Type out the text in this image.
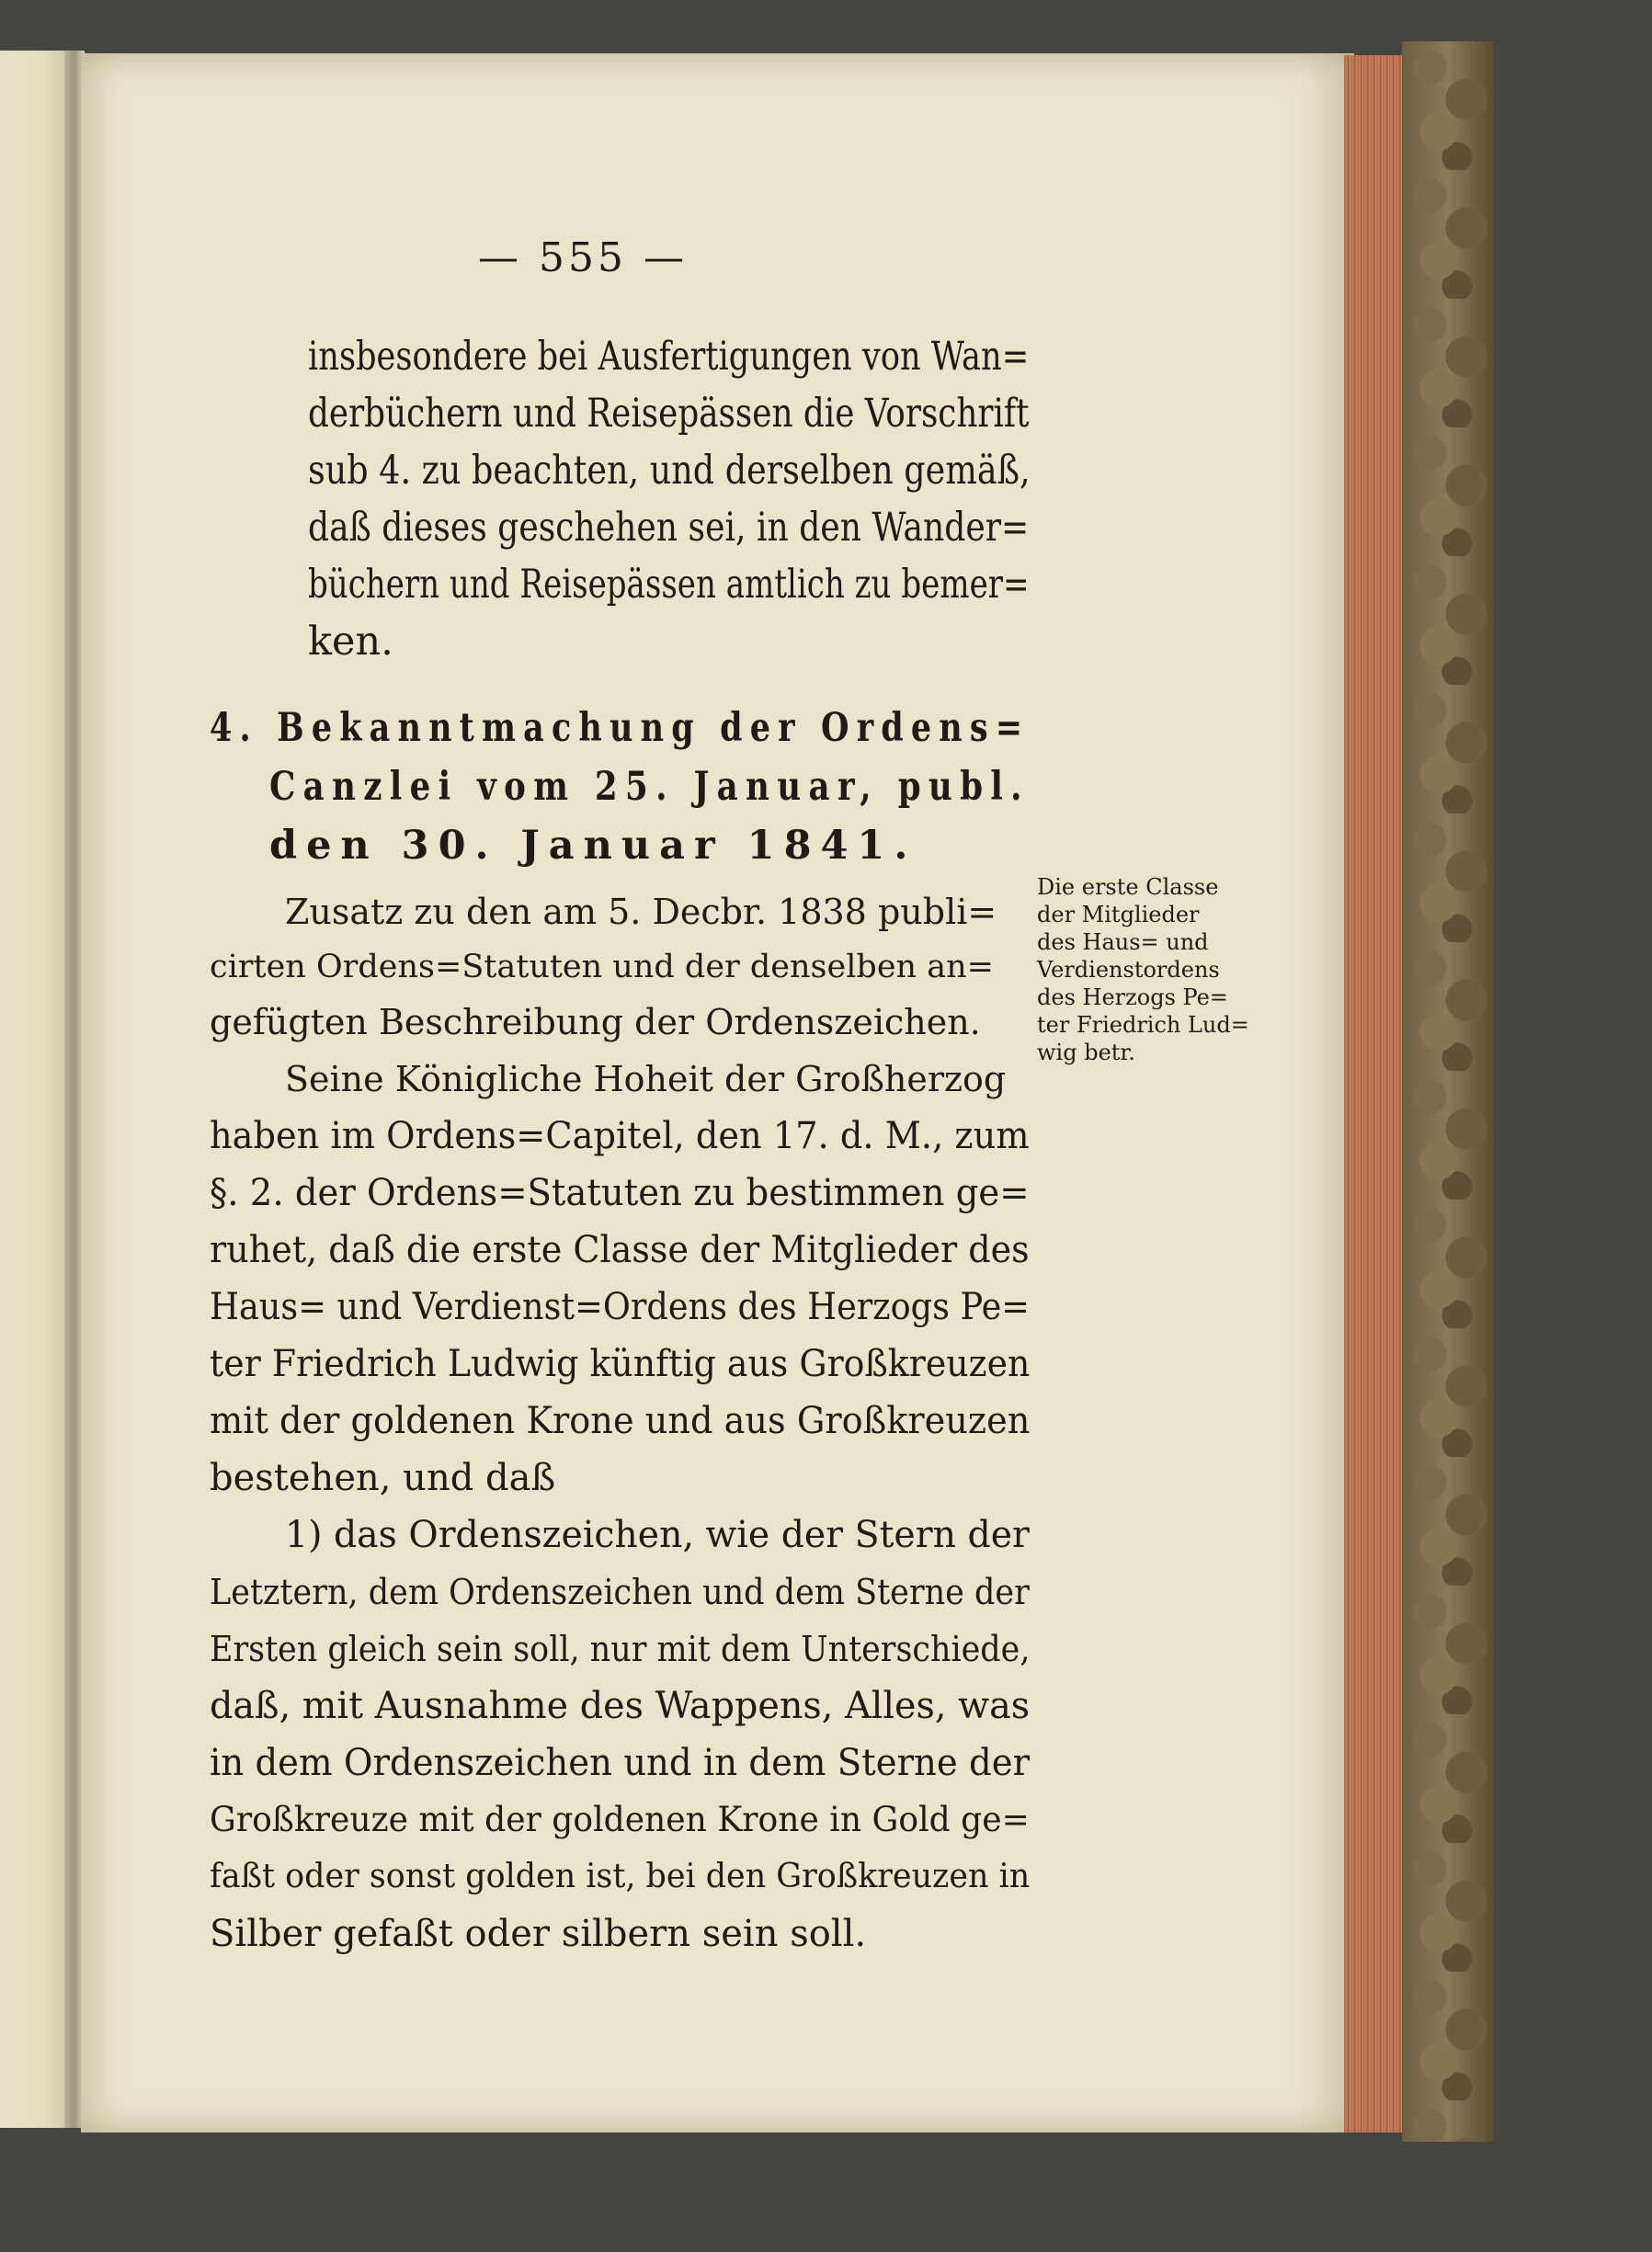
— 555 —
insbesondere bei Ausfertigungen von Wan=
derbüchern und Reisepässen die Vorschrift
sub 4. zu beachten, und derselben gemäß,
daß dieses geschehen sei, in den Wander=
büchern und Reisepässen amtlich zu bemer=
ken.
4. Bekanntmachung der Ordens=
Canzlei vom 25. Januar, publ.
den 30. Januar 1841.
Zusatz zu den am 5. Decbr. 1838 publi=
cirten Ordens=Statuten und der denselben an=
gefügten Beschreibung der Ordenszeichen.
Seine Königliche Hoheit der Großherzog
haben im Ordens=Capitel, den 17. d. M., zum
§. 2. der Ordens=Statuten zu bestimmen ge=
ruhet, daß die erste Classe der Mitglieder des
Haus= und Verdienst=Ordens des Herzogs Pe=
ter Friedrich Ludwig künftig aus Großkreuzen
mit der goldenen Krone und aus Großkreuzen
bestehen, und daß
1) das Ordenszeichen, wie der Stern der
Letztern, dem Ordenszeichen und dem Sterne der
Ersten gleich sein soll, nur mit dem Unterschiede,
daß, mit Ausnahme des Wappens, Alles, was
in dem Ordenszeichen und in dem Sterne der
Großkreuze mit der goldenen Krone in Gold ge=
faßt oder sonst golden ist, bei den Großkreuzen in
Silber gefaßt oder silbern sein soll.
Die erste Classe
der Mitglieder
des Haus= und
Verdienstordens
des Herzogs Pe=
ter Friedrich Lud=
wig betr.
